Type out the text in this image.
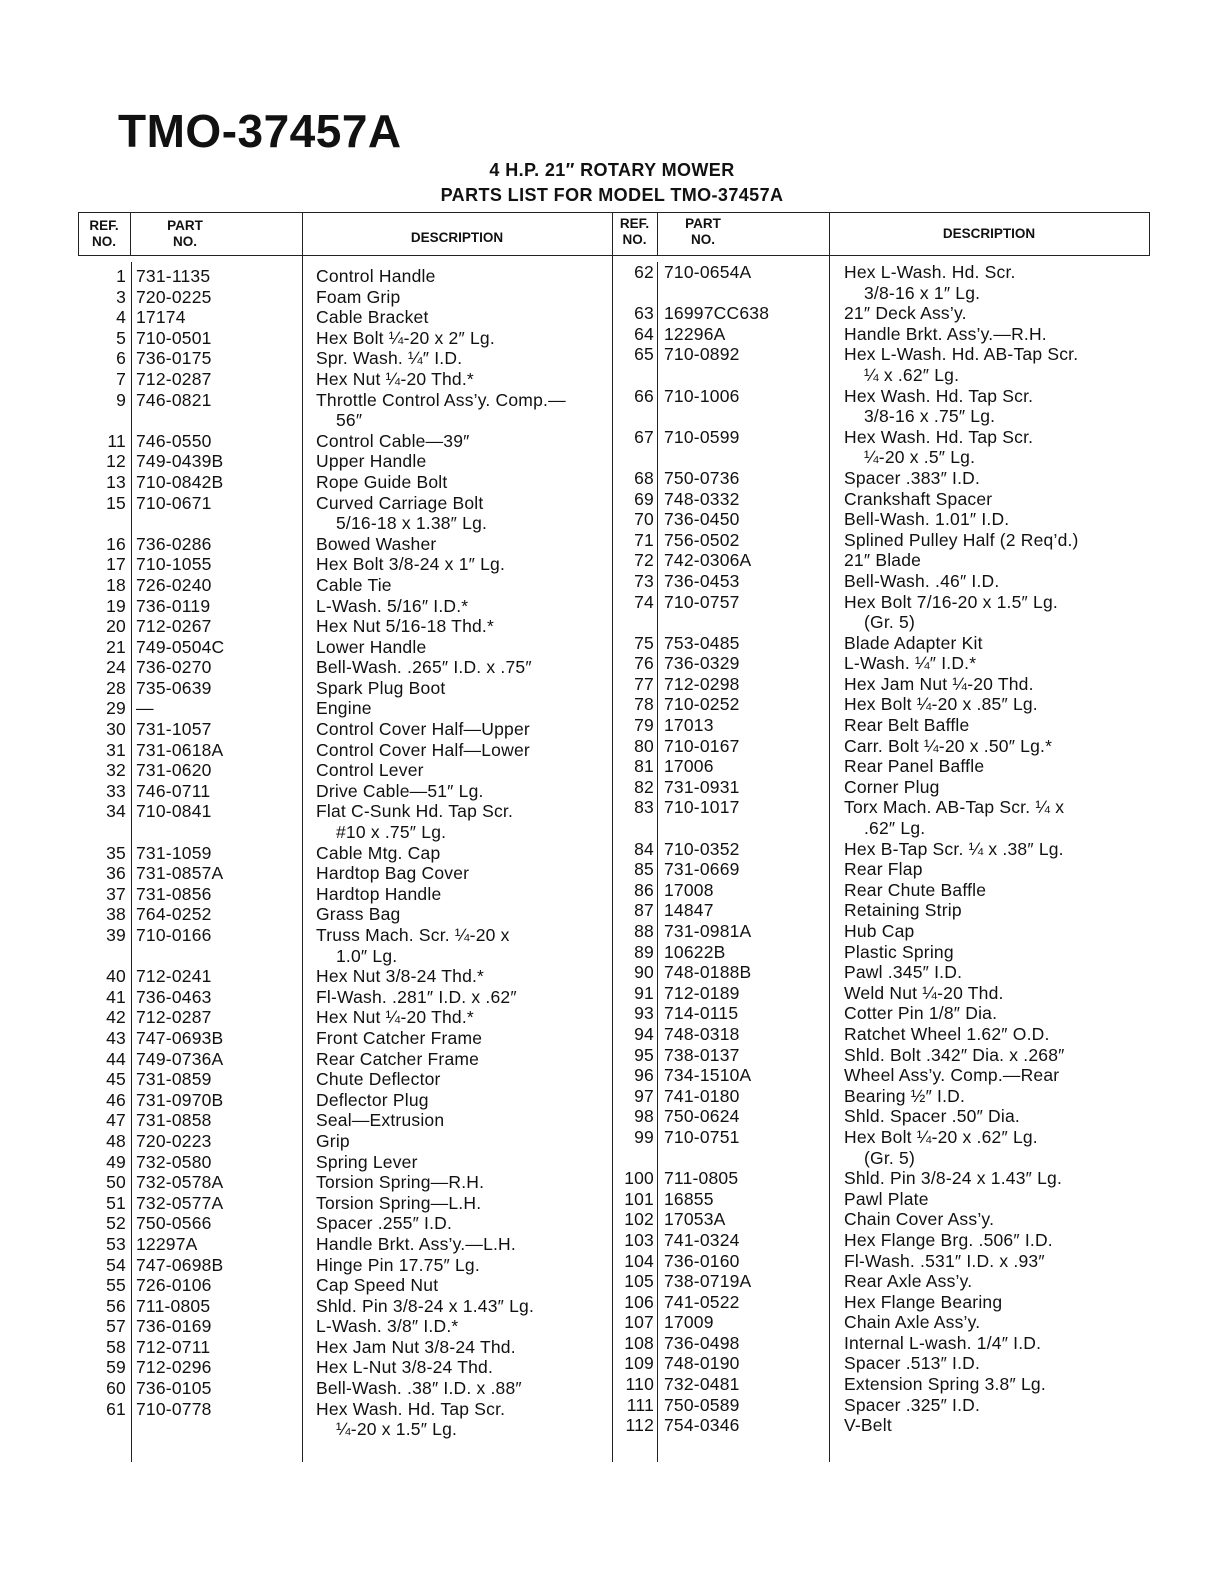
TMO-37457A
4 H.P. 21″ ROTARY MOWER
PARTS LIST FOR MODEL TMO-37457A
REF.
NO.
PART
NO.	DESCRIPTION
REF.
NO.
PART
NO.	DESCRIPTION
1
3
4
5
6
7
9
11
12
13
15
16
17
18
19
20
21
24
28
29
30
31
32
33
34
35
36
37
38
39
40
41
42
43
44
45
46
47
48
49
50
51
52
53
54
55
56
57
58
59
60
61
731-1135
720-0225
17174
710-0501
736-0175
712-0287
746-0821
746-0550
749-0439B
710-0842B
710-0671
736-0286
710-1055
726-0240
736-0119
712-0267
749-0504C
736-0270
735-0639
—
731-1057
731-0618A
731-0620
746-0711
710-0841
731-1059
731-0857A
731-0856
764-0252
710-0166
712-0241
736-0463
712-0287
747-0693B
749-0736A
731-0859
731-0970B
731-0858
720-0223
732-0580
732-0578A
732-0577A
750-0566
12297A
747-0698B
726-0106
711-0805
736-0169
712-0711
712-0296
736-0105
710-0778
Control Handle
Foam Grip
Cable Bracket
Hex Bolt ¼-20 x 2″ Lg.
Spr. Wash. ¼″ I.D.
Hex Nut ¼-20 Thd.*
Throttle Control Ass’y. Comp.—
56″
Control Cable—39″
Upper Handle
Rope Guide Bolt
Curved Carriage Bolt
5/16-18 x 1.38″ Lg.
Bowed Washer
Hex Bolt 3/8-24 x 1″ Lg.
Cable Tie
L-Wash. 5/16″ I.D.*
Hex Nut 5/16-18 Thd.*
Lower Handle
Bell-Wash. .265″ I.D. x .75″
Spark Plug Boot
Engine
Control Cover Half—Upper
Control Cover Half—Lower
Control Lever
Drive Cable—51″ Lg.
Flat C-Sunk Hd. Tap Scr.
#10 x .75″ Lg.
Cable Mtg. Cap
Hardtop Bag Cover
Hardtop Handle
Grass Bag
Truss Mach. Scr. ¼-20 x
1.0″ Lg.
Hex Nut 3/8-24 Thd.*
Fl-Wash. .281″ I.D. x .62″
Hex Nut ¼-20 Thd.*
Front Catcher Frame
Rear Catcher Frame
Chute Deflector
Deflector Plug
Seal—Extrusion
Grip
Spring Lever
Torsion Spring—R.H.
Torsion Spring—L.H.
Spacer .255″ I.D.
Handle Brkt. Ass’y.—L.H.
Hinge Pin 17.75″ Lg.
Cap Speed Nut
Shld. Pin 3/8-24 x 1.43″ Lg.
L-Wash. 3/8″ I.D.*
Hex Jam Nut 3/8-24 Thd.
Hex L-Nut 3/8-24 Thd.
Bell-Wash. .38″ I.D. x .88″
Hex Wash. Hd. Tap Scr.
¼-20 x 1.5″ Lg.
62
63
64
65
66
67
68
69
70
71
72
73
74
75
76
77
78
79
80
81
82
83
84
85
86
87
88
89
90
91
93
94
95
96
97
98
99
100
101
102
103
104
105
106
107
108
109
110
111
112
710-0654A
16997CC638
12296A
710-0892
710-1006
710-0599
750-0736
748-0332
736-0450
756-0502
742-0306A
736-0453
710-0757
753-0485
736-0329
712-0298
710-0252
17013
710-0167
17006
731-0931
710-1017
710-0352
731-0669
17008
14847
731-0981A
10622B
748-0188B
712-0189
714-0115
748-0318
738-0137
734-1510A
741-0180
750-0624
710-0751
711-0805
16855
17053A
741-0324
736-0160
738-0719A
741-0522
17009
736-0498
748-0190
732-0481
750-0589
754-0346
Hex L-Wash. Hd. Scr.
3/8-16 x 1″ Lg.
21″ Deck Ass’y.
Handle Brkt. Ass’y.—R.H.
Hex L-Wash. Hd. AB-Tap Scr.
¼ x .62″ Lg.
Hex Wash. Hd. Tap Scr.
3/8-16 x .75″ Lg.
Hex Wash. Hd. Tap Scr.
¼-20 x .5″ Lg.
Spacer .383″ I.D.
Crankshaft Spacer
Bell-Wash. 1.01″ I.D.
Splined Pulley Half (2 Req’d.)
21″ Blade
Bell-Wash. .46″ I.D.
Hex Bolt 7/16-20 x 1.5″ Lg.
(Gr. 5)
Blade Adapter Kit
L-Wash. ¼″ I.D.*
Hex Jam Nut ¼-20 Thd.
Hex Bolt ¼-20 x .85″ Lg.
Rear Belt Baffle
Carr. Bolt ¼-20 x .50″ Lg.*
Rear Panel Baffle
Corner Plug
Torx Mach. AB-Tap Scr. ¼ x
.62″ Lg.
Hex B-Tap Scr. ¼ x .38″ Lg.
Rear Flap
Rear Chute Baffle
Retaining Strip
Hub Cap
Plastic Spring
Pawl .345″ I.D.
Weld Nut ¼-20 Thd.
Cotter Pin 1/8″ Dia.
Ratchet Wheel 1.62″ O.D.
Shld. Bolt .342″ Dia. x .268″
Wheel Ass’y. Comp.—Rear
Bearing ½″ I.D.
Shld. Spacer .50″ Dia.
Hex Bolt ¼-20 x .62″ Lg.
(Gr. 5)
Shld. Pin 3/8-24 x 1.43″ Lg.
Pawl Plate
Chain Cover Ass’y.
Hex Flange Brg. .506″ I.D.
Fl-Wash. .531″ I.D. x .93″
Rear Axle Ass’y.
Hex Flange Bearing
Chain Axle Ass’y.
Internal L-wash. 1/4″ I.D.
Spacer .513″ I.D.
Extension Spring 3.8″ Lg.
Spacer .325″ I.D.
V-Belt
